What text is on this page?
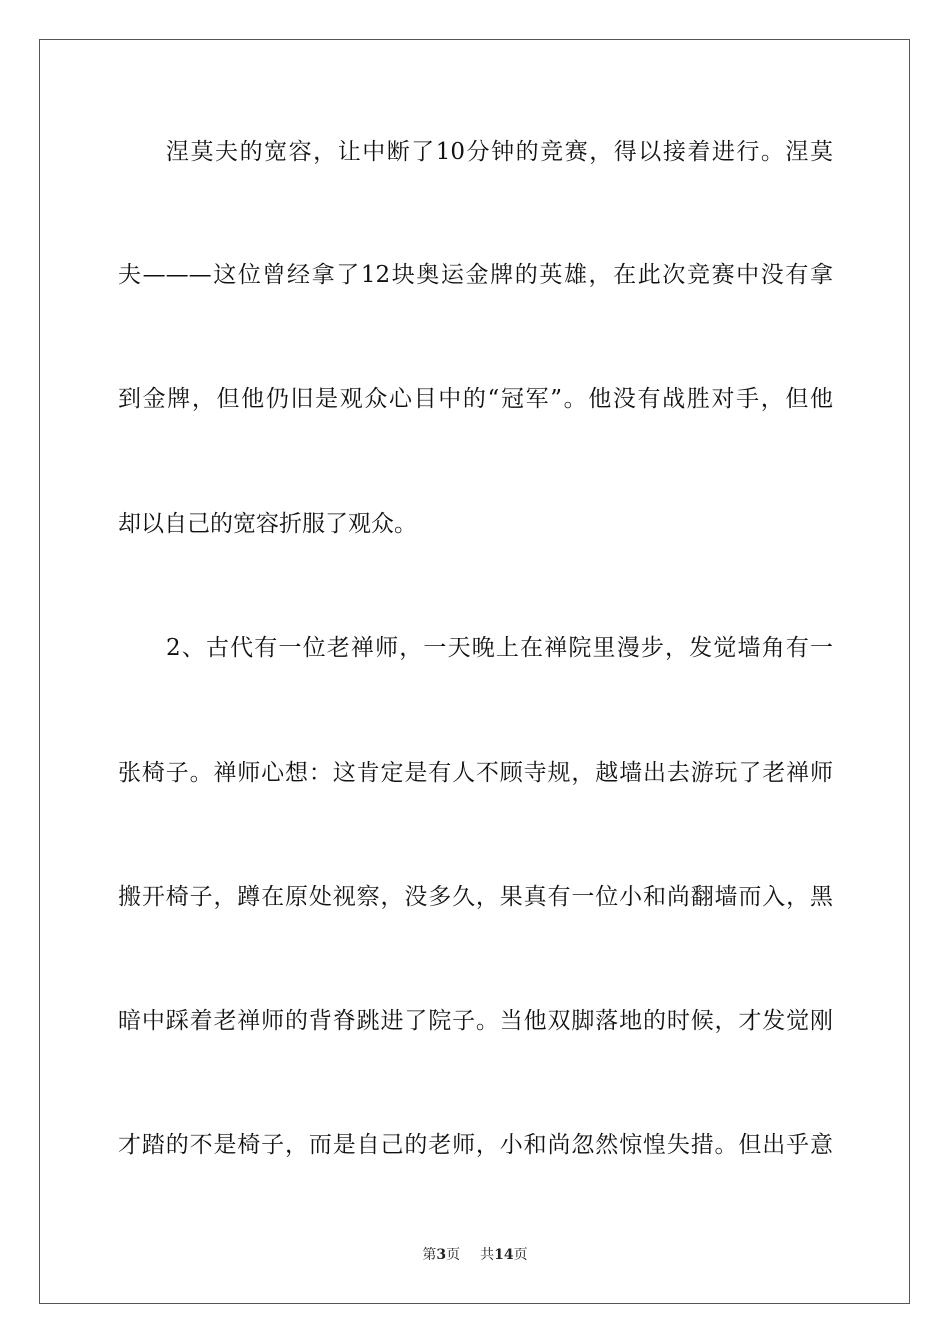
涅莫夫的宽容，让中断了10分钟的竞赛，得以接着进行。涅莫
夫———这位曾经拿了12块奥运金牌的英雄，在此次竞赛中没有拿
到金牌，但他仍旧是观众心目中的“冠军”。他没有战胜对手，但他
却以自己的宽容折服了观众。
2、古代有一位老禅师，一天晚上在禅院里漫步，发觉墙角有一
张椅子。禅师心想：这肯定是有人不顾寺规，越墙出去游玩了老禅师
搬开椅子，蹲在原处视察，没多久，果真有一位小和尚翻墙而入，黑
暗中踩着老禅师的背脊跳进了院子。当他双脚落地的时候，才发觉刚
才踏的不是椅子，而是自己的老师，小和尚忽然惊惶失措。但出乎意
第3页 共14页
